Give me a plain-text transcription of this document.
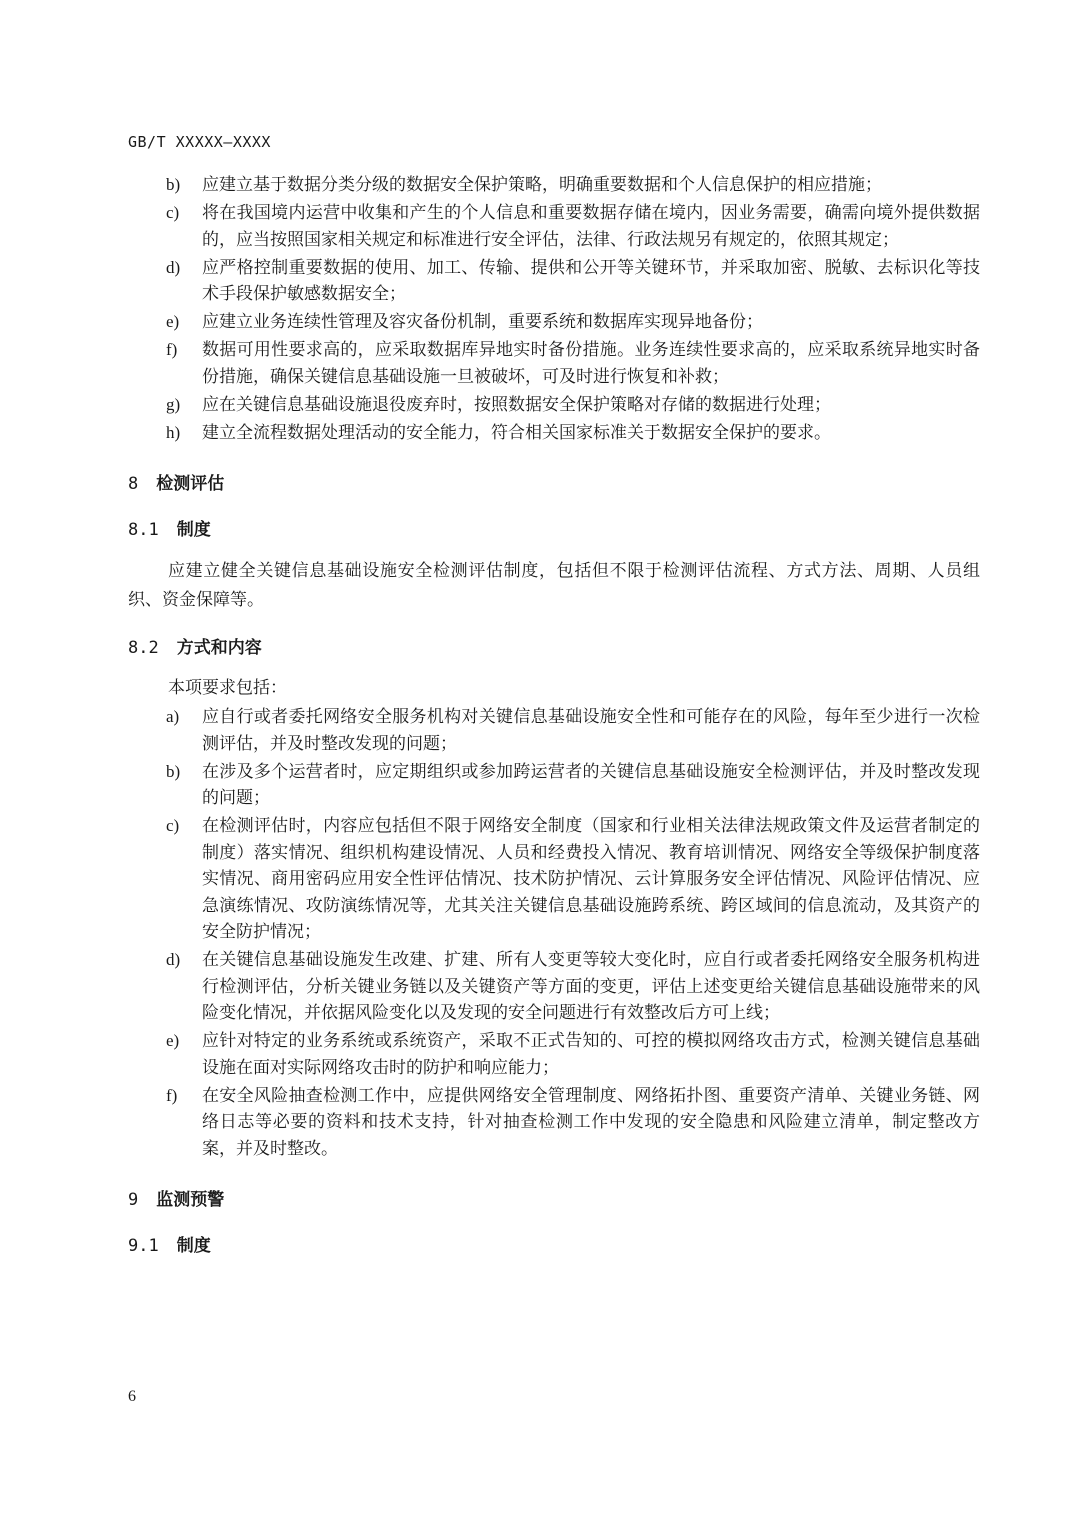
GB/T XXXXX—XXXX
b) 应建立基于数据分类分级的数据安全保护策略，明确重要数据和个人信息保护的相应措施；
c) 将在我国境内运营中收集和产生的个人信息和重要数据存储在境内，因业务需要，确需向境外提供数据的，应当按照国家相关规定和标准进行安全评估，法律、行政法规另有规定的，依照其规定；
d) 应严格控制重要数据的使用、加工、传输、提供和公开等关键环节，并采取加密、脱敏、去标识化等技术手段保护敏感数据安全；
e) 应建立业务连续性管理及容灾备份机制，重要系统和数据库实现异地备份；
f) 数据可用性要求高的，应采取数据库异地实时备份措施。业务连续性要求高的，应采取系统异地实时备份措施，确保关键信息基础设施一旦被破坏，可及时进行恢复和补救；
g) 应在关键信息基础设施退役废弃时，按照数据安全保护策略对存储的数据进行处理；
h) 建立全流程数据处理活动的安全能力，符合相关国家标准关于数据安全保护的要求。
8 检测评估
8.1 制度
应建立健全关键信息基础设施安全检测评估制度，包括但不限于检测评估流程、方式方法、周期、人员组织、资金保障等。
8.2 方式和内容
本项要求包括：
a) 应自行或者委托网络安全服务机构对关键信息基础设施安全性和可能存在的风险，每年至少进行一次检测评估，并及时整改发现的问题；
b) 在涉及多个运营者时，应定期组织或参加跨运营者的关键信息基础设施安全检测评估，并及时整改发现的问题；
c) 在检测评估时，内容应包括但不限于网络安全制度（国家和行业相关法律法规政策文件及运营者制定的制度）落实情况、组织机构建设情况、人员和经费投入情况、教育培训情况、网络安全等级保护制度落实情况、商用密码应用安全性评估情况、技术防护情况、云计算服务安全评估情况、风险评估情况、应急演练情况、攻防演练情况等，尤其关注关键信息基础设施跨系统、跨区域间的信息流动，及其资产的安全防护情况；
d) 在关键信息基础设施发生改建、扩建、所有人变更等较大变化时，应自行或者委托网络安全服务机构进行检测评估，分析关键业务链以及关键资产等方面的变更，评估上述变更给关键信息基础设施带来的风险变化情况，并依据风险变化以及发现的安全问题进行有效整改后方可上线；
e) 应针对特定的业务系统或系统资产，采取不正式告知的、可控的模拟网络攻击方式，检测关键信息基础设施在面对实际网络攻击时的防护和响应能力；
f) 在安全风险抽查检测工作中，应提供网络安全管理制度、网络拓扑图、重要资产清单、关键业务链、网络日志等必要的资料和技术支持，针对抽查检测工作中发现的安全隐患和风险建立清单，制定整改方案，并及时整改。
9 监测预警
9.1 制度
6
